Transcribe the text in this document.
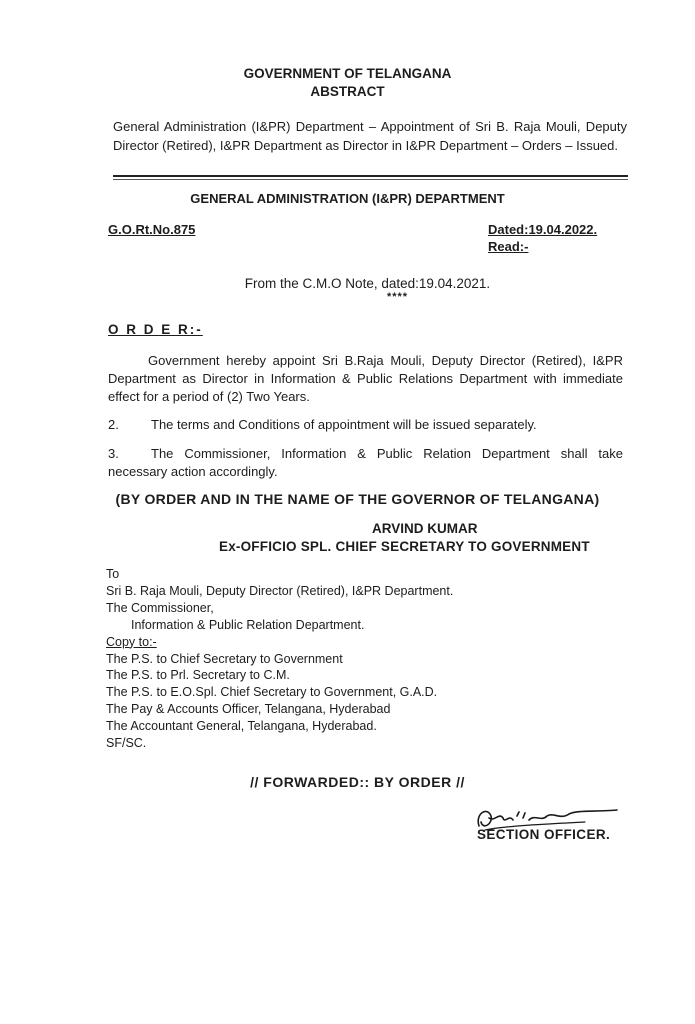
GOVERNMENT OF TELANGANA
ABSTRACT
General Administration (I&PR) Department – Appointment of Sri B. Raja Mouli, Deputy Director (Retired), I&PR Department as Director in I&PR Department – Orders – Issued.
GENERAL ADMINISTRATION (I&PR) DEPARTMENT
G.O.Rt.No.875	Dated:19.04.2022.
Read:-
From the C.M.O Note, dated:19.04.2021.
****
O R D E R:-
Government hereby appoint Sri B.Raja Mouli, Deputy Director (Retired), I&PR Department as Director in Information & Public Relations Department with immediate effect for a period of (2) Two Years.
2. The terms and Conditions of appointment will be issued separately.
3. The Commissioner, Information & Public Relation Department shall take necessary action accordingly.
(BY ORDER AND IN THE NAME OF THE GOVERNOR OF TELANGANA)
ARVIND KUMAR
Ex-OFFICIO SPL. CHIEF SECRETARY TO GOVERNMENT
To
Sri B. Raja Mouli, Deputy Director (Retired), I&PR Department.
The Commissioner,
Information & Public Relation Department.
Copy to:-
The P.S. to Chief Secretary to Government
The P.S. to Prl. Secretary to C.M.
The P.S. to E.O.Spl. Chief Secretary to Government, G.A.D.
The Pay & Accounts Officer, Telangana, Hyderabad
The Accountant General, Telangana, Hyderabad.
SF/SC.
// FORWARDED:: BY ORDER //
SECTION OFFICER.
